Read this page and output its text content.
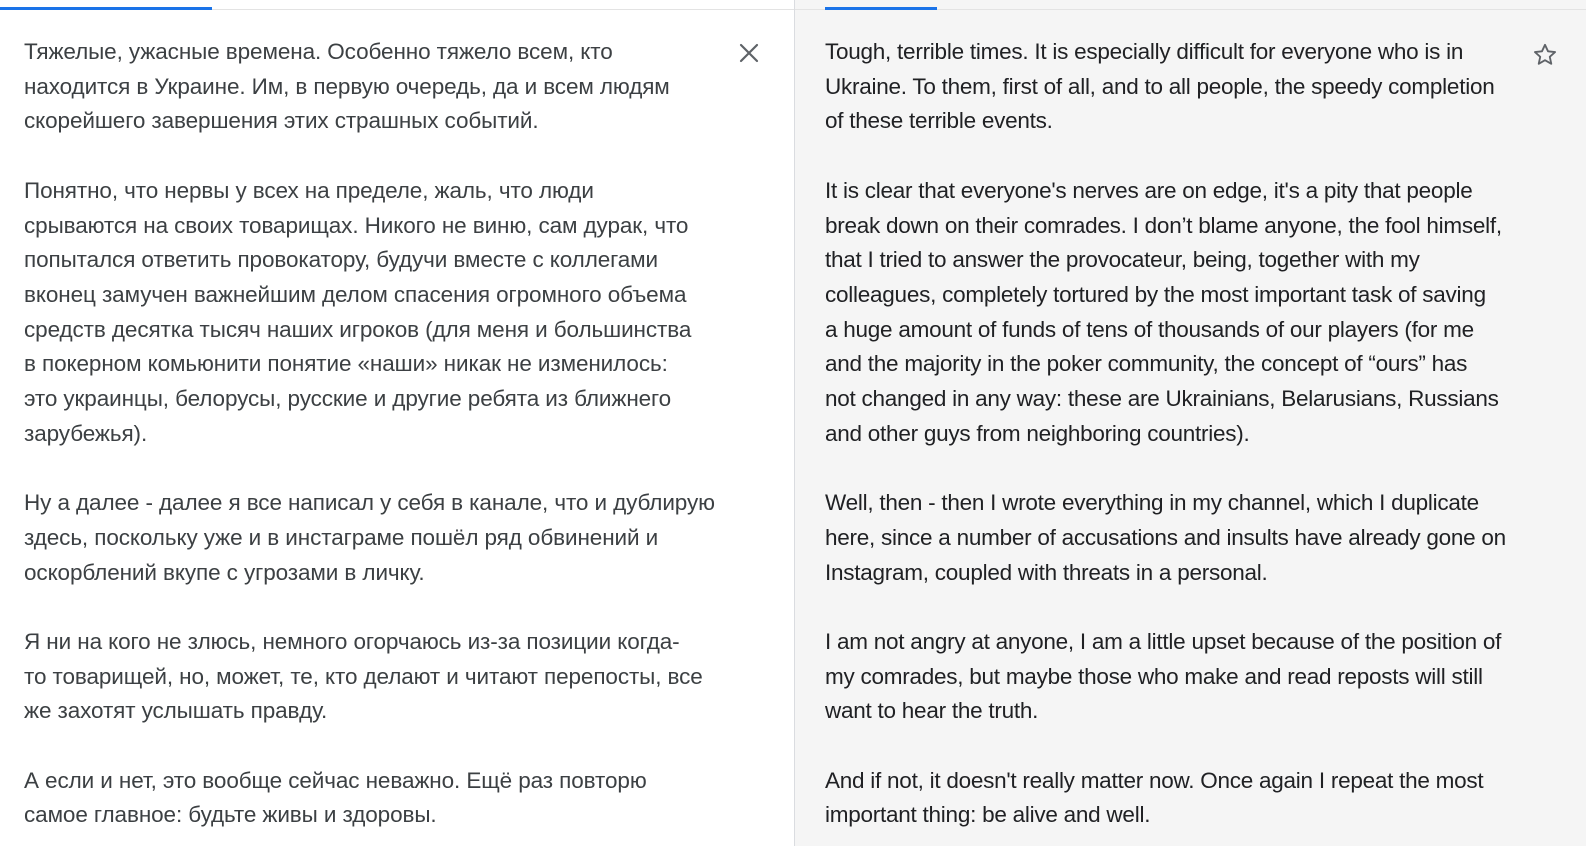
Тяжелые, ужасные времена. Особенно тяжело всем, кто
находится в Украине. Им, в первую очередь, да и всем людям
скорейшего завершения этих страшных событий.
Понятно, что нервы у всех на пределе, жаль, что люди
срываются на своих товарищах. Никого не виню, сам дурак, что
попытался ответить провокатору, будучи вместе с коллегами
вконец замучен важнейшим делом спасения огромного объема
средств десятка тысяч наших игроков (для меня и большинства
в покерном комьюнити понятие «наши» никак не изменилось:
это украинцы, белорусы, русские и другие ребята из ближнего
зарубежья).
Ну а далее - далее я все написал у себя в канале, что и дублирую
здесь, поскольку уже и в инстаграме пошёл ряд обвинений и
оскорблений вкупе с угрозами в личку.
Я ни на кого не злюсь, немного огорчаюсь из-за позиции когда-
то товарищей, но, может, те, кто делают и читают перепосты, все
же захотят услышать правду.
А если и нет, это вообще сейчас неважно. Ещё раз повторю
самое главное: будьте живы и здоровы.
Tough, terrible times. It is especially difficult for everyone who is in
Ukraine. To them, first of all, and to all people, the speedy completion
of these terrible events.
It is clear that everyone's nerves are on edge, it's a pity that people
break down on their comrades. I don’t blame anyone, the fool himself,
that I tried to answer the provocateur, being, together with my
colleagues, completely tortured by the most important task of saving
a huge amount of funds of tens of thousands of our players (for me
and the majority in the poker community, the concept of “ours” has
not changed in any way: these are Ukrainians, Belarusians, Russians
and other guys from neighboring countries).
Well, then - then I wrote everything in my channel, which I duplicate
here, since a number of accusations and insults have already gone on
Instagram, coupled with threats in a personal.
I am not angry at anyone, I am a little upset because of the position of
my comrades, but maybe those who make and read reposts will still
want to hear the truth.
And if not, it doesn't really matter now. Once again I repeat the most
important thing: be alive and well.
